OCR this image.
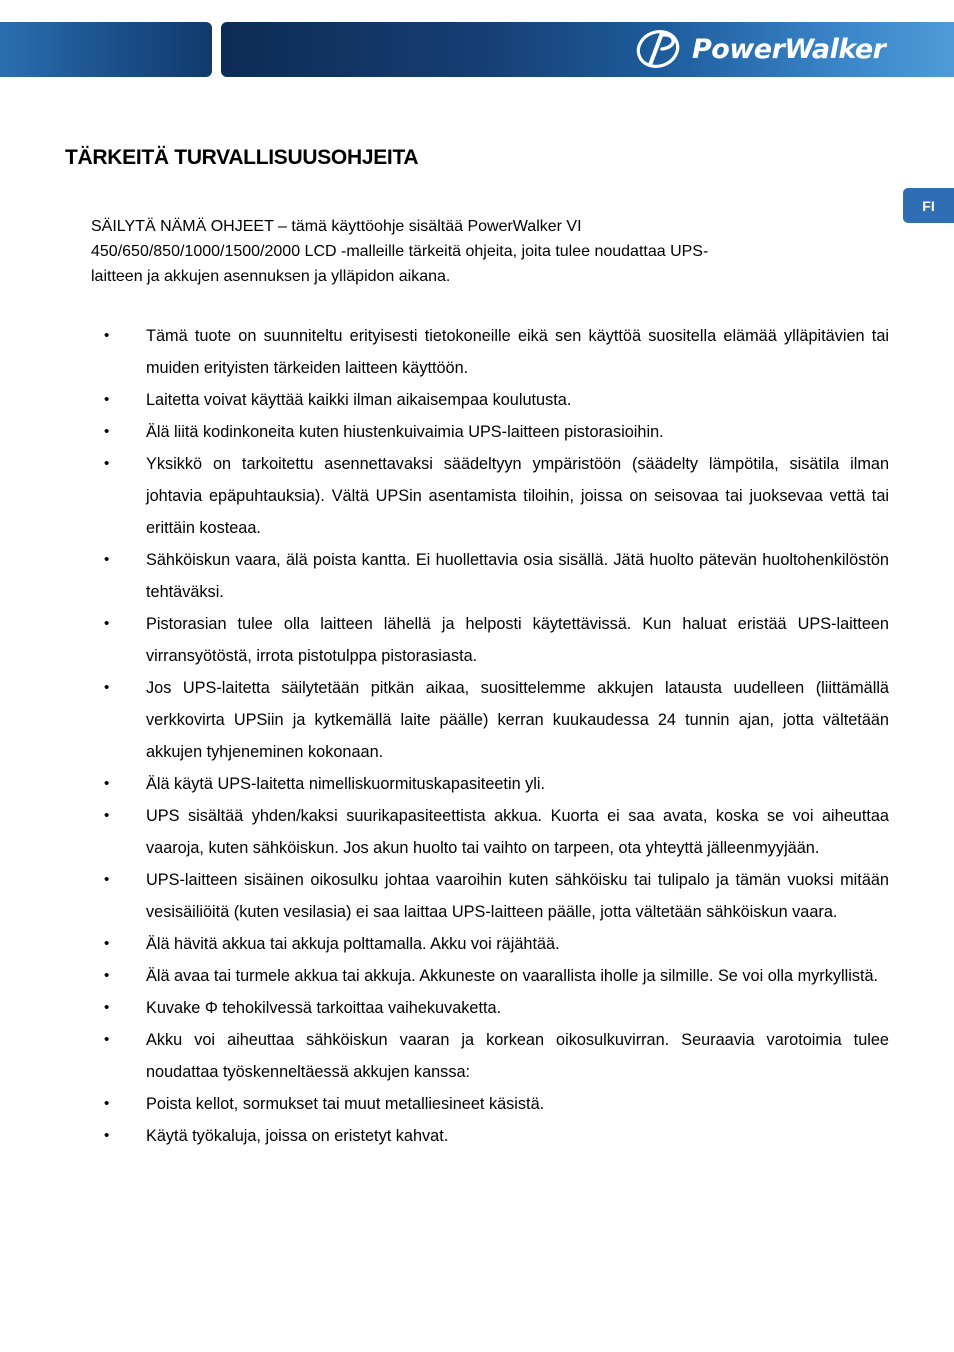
PowerWalker
FI
TÄRKEITÄ TURVALLISUUSOHJEITA
SÄILYTÄ NÄMÄ OHJEET – tämä käyttöohje sisältää PowerWalker VI
450/650/850/1000/1500/2000 LCD -malleille tärkeitä ohjeita, joita tulee noudattaa UPS-
laitteen ja akkujen asennuksen ja ylläpidon aikana.
• Tämä tuote on suunniteltu erityisesti tietokoneille eikä sen käyttöä suositella elämää ylläpitävien tai muiden erityisten tärkeiden laitteen käyttöön.
• Laitetta voivat käyttää kaikki ilman aikaisempaa koulutusta.
• Älä liitä kodinkoneita kuten hiustenkuivaimia UPS-laitteen pistorasioihin.
• Yksikkö on tarkoitettu asennettavaksi säädeltyyn ympäristöön (säädelty lämpötila, sisätila ilman johtavia epäpuhtauksia). Vältä UPSin asentamista tiloihin, joissa on seisovaa tai juoksevaa vettä tai erittäin kosteaa.
• Sähköiskun vaara, älä poista kanttа. Ei huollettavia osia sisällä. Jätä huolto pätevän huoltohenkilöstön tehtäväksi.
• Pistorasian tulee olla laitteen lähellä ja helposti käytettävissä. Kun haluat eristää UPS-laitteen virransyötöstä, irrota pistotulppa pistorasiasta.
• Jos UPS-laitetta säilytetään pitkän aikaa, suosittelemme akkujen latausta uudelleen (liittämällä verkkovirta UPSiin ja kytkemällä laite päälle) kerran kuukaudessa 24 tunnin ajan, jotta vältetään akkujen tyhjeneminen kokonaan.
• Älä käytä UPS-laitetta nimelliskuormituskapasiteetin yli.
• UPS sisältää yhden/kaksi suurikapasiteettista akkua. Kuorta ei saa avata, koska se voi aiheuttaa vaaroja, kuten sähköiskun. Jos akun huolto tai vaihto on tarpeen, ota yhteyttä jälleenmyyjään.
• UPS-laitteen sisäinen oikosulku johtaa vaaroihin kuten sähköisku tai tulipalo ja tämän vuoksi mitään vesisäiliöitä (kuten vesilasia) ei saa laittaa UPS-laitteen päälle, jotta vältetään sähköiskun vaara.
• Älä hävitä akkua tai akkuja polttamalla. Akku voi räjähtää.
• Älä avaa tai turmele akkua tai akkuja. Akkuneste on vaarallista iholle ja silmille. Se voi olla myrkyllistä.
• Kuvake Φ tehokilvessä tarkoittaa vaihekuvaketta.
• Akku voi aiheuttaa sähköiskun vaaran ja korkean oikosulkuvirran. Seuraavia varotoimia tulee noudattaa työskenneltäessä akkujen kanssa:
• Poista kellot, sormukset tai muut metalliesineet käsistä.
• Käytä työkaluja, joissa on eristetyt kahvat.
